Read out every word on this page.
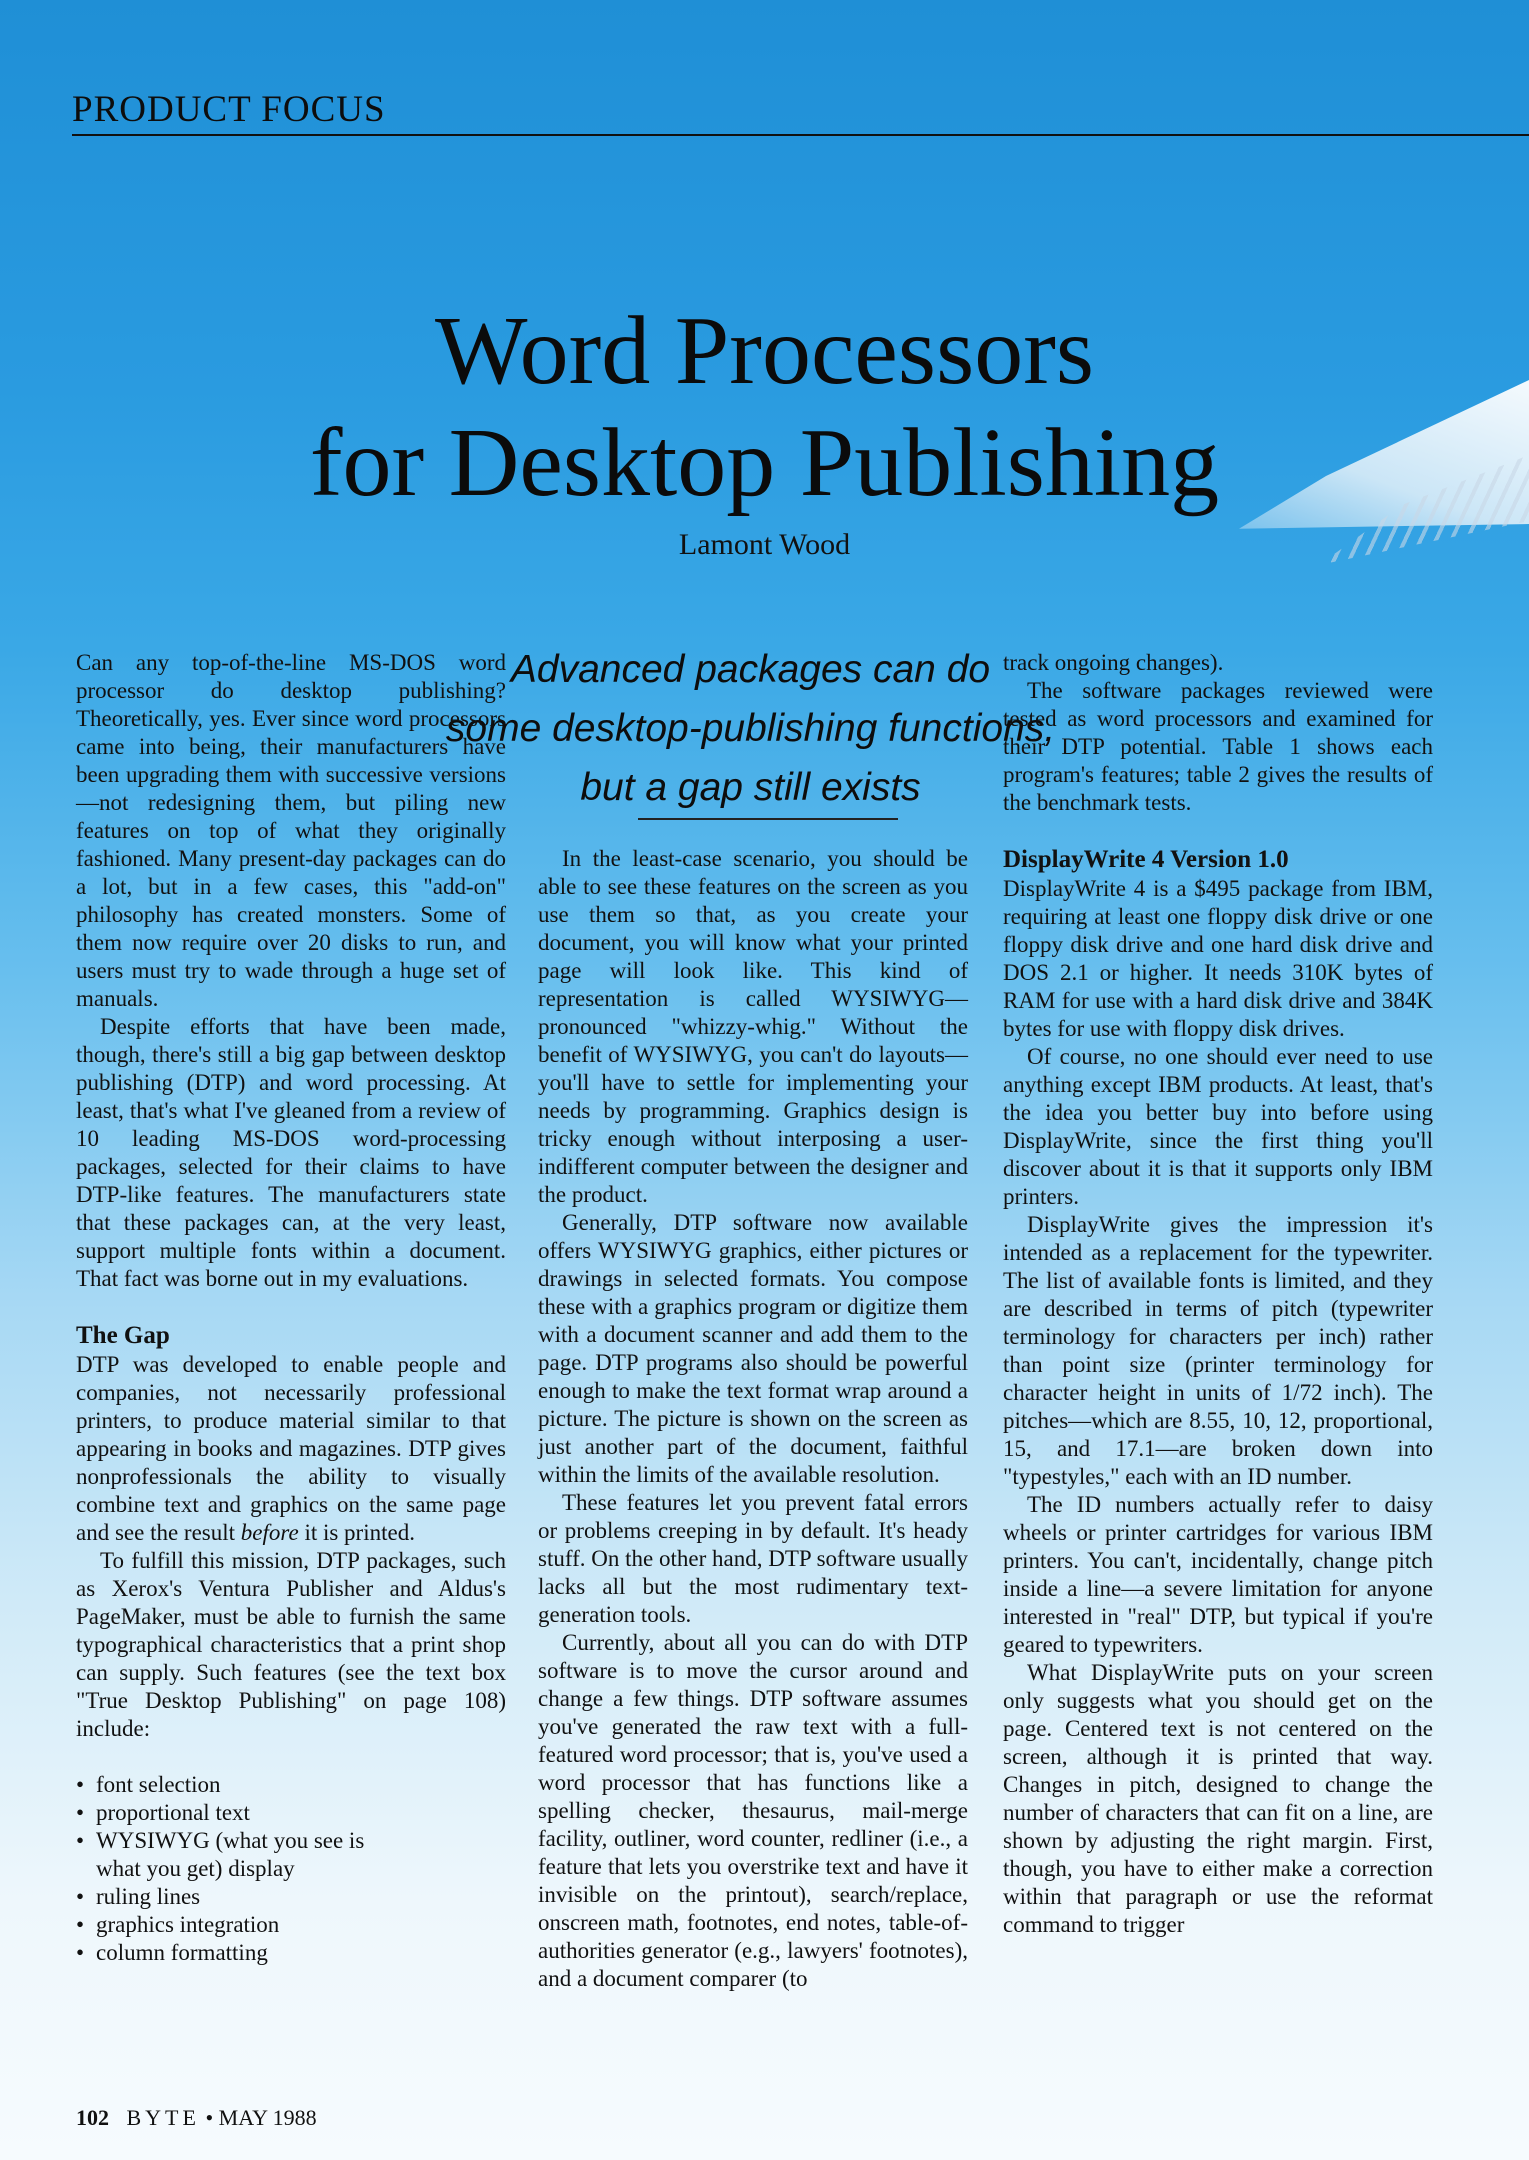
PRODUCT FOCUS
Word Processors
for Desktop Publishing
Lamont Wood
Advanced packages can do
some desktop-publishing functions,
but a gap still exists

Can any top-of-the-line MS-DOS word processor do desktop publishing? Theoretically, yes. Ever since word processors came into being, their manufacturers have been upgrading them with successive versions—not redesigning them, but piling new features on top of what they originally fashioned. Many present-day packages can do a lot, but in a few cases, this "add-on" philosophy has created monsters. Some of them now require over 20 disks to run, and users must try to wade through a huge set of manuals.

Despite efforts that have been made, though, there's still a big gap between desktop publishing (DTP) and word processing. At least, that's what I've gleaned from a review of 10 leading MS-DOS word-processing packages, selected for their claims to have DTP-like features. The manufacturers state that these packages can, at the very least, support multiple fonts within a document. That fact was borne out in my evaluations.

The Gap

DTP was developed to enable people and companies, not necessarily professional printers, to produce material similar to that appearing in books and magazines. DTP gives nonprofessionals the ability to visually combine text and graphics on the same page and see the result before it is printed.

To fulfill this mission, DTP packages, such as Xerox's Ventura Publisher and Aldus's PageMaker, must be able to furnish the same typographical characteristics that a print shop can supply. Such features (see the text box "True Desktop Publishing" on page 108) include:

• font selection
• proportional text
• WYSIWYG (what you see is
what you get) display
• ruling lines
• graphics integration
• column formatting

In the least-case scenario, you should be able to see these features on the screen as you use them so that, as you create your document, you will know what your printed page will look like. This kind of representation is called WYSIWYG—pronounced "whizzy-whig." Without the benefit of WYSIWYG, you can't do layouts—you'll have to settle for implementing your needs by programming. Graphics design is tricky enough without interposing a user-indifferent computer between the designer and the product.

Generally, DTP software now available offers WYSIWYG graphics, either pictures or drawings in selected formats. You compose these with a graphics program or digitize them with a document scanner and add them to the page. DTP programs also should be powerful enough to make the text format wrap around a picture. The picture is shown on the screen as just another part of the document, faithful within the limits of the available resolution.

These features let you prevent fatal errors or problems creeping in by default. It's heady stuff. On the other hand, DTP software usually lacks all but the most rudimentary text-generation tools.

Currently, about all you can do with DTP software is to move the cursor around and change a few things. DTP software assumes you've generated the raw text with a full-featured word processor; that is, you've used a word processor that has functions like a spelling checker, thesaurus, mail-merge facility, outliner, word counter, redliner (i.e., a feature that lets you overstrike text and have it invisible on the printout), search/replace, onscreen math, footnotes, end notes, table-of-authorities generator (e.g., lawyers' footnotes), and a document comparer (to

track ongoing changes).

The software packages reviewed were tested as word processors and examined for their DTP potential. Table 1 shows each program's features; table 2 gives the results of the benchmark tests.

DisplayWrite 4 Version 1.0

DisplayWrite 4 is a $495 package from IBM, requiring at least one floppy disk drive or one floppy disk drive and one hard disk drive and DOS 2.1 or higher. It needs 310K bytes of RAM for use with a hard disk drive and 384K bytes for use with floppy disk drives.

Of course, no one should ever need to use anything except IBM products. At least, that's the idea you better buy into before using DisplayWrite, since the first thing you'll discover about it is that it supports only IBM printers.

DisplayWrite gives the impression it's intended as a replacement for the typewriter. The list of available fonts is limited, and they are described in terms of pitch (typewriter terminology for characters per inch) rather than point size (printer terminology for character height in units of 1/72 inch). The pitches—which are 8.55, 10, 12, proportional, 15, and 17.1—are broken down into "typestyles," each with an ID number.

The ID numbers actually refer to daisy wheels or printer cartridges for various IBM printers. You can't, incidentally, change pitch inside a line—a severe limitation for anyone interested in "real" DTP, but typical if you're geared to typewriters.

What DisplayWrite puts on your screen only suggests what you should get on the page. Centered text is not centered on the screen, although it is printed that way. Changes in pitch, designed to change the number of characters that can fit on a line, are shown by adjusting the right margin. First, though, you have to either make a correction within that paragraph or use the reformat command to trigger

102 BYTE • MAY 1988
